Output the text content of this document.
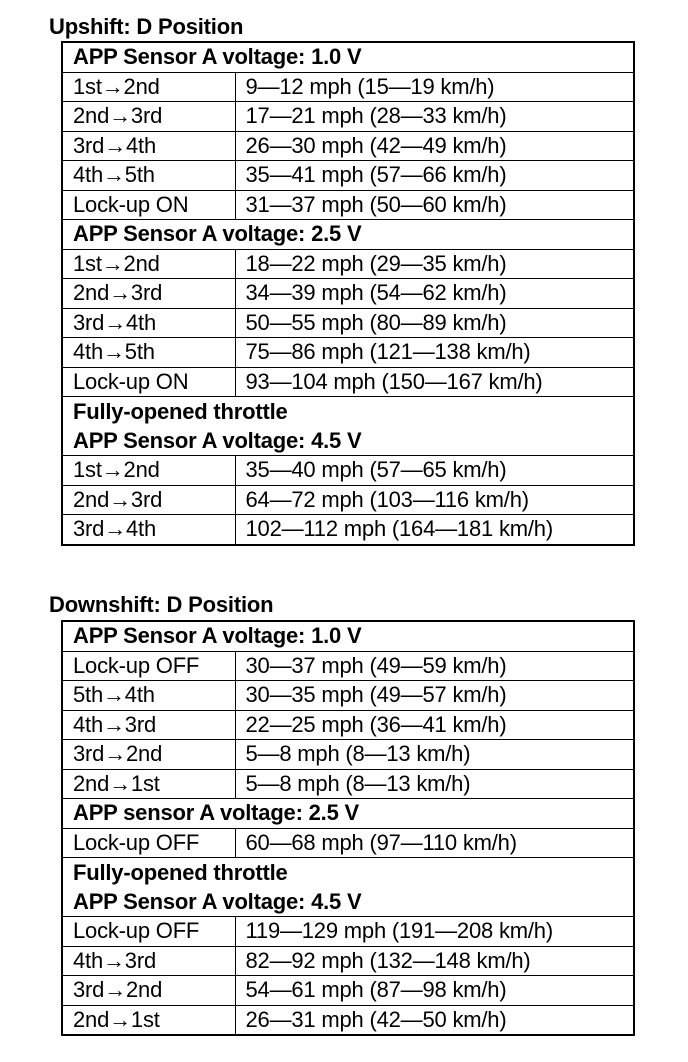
Upshift: D Position
APP Sensor A voltage: 1.0 V	

1st→2nd	9—12 mph (15—19 km/h)
2nd→3rd	17—21 mph (28—33 km/h)
3rd→4th	26—30 mph (42—49 km/h)
4th→5th	35—41 mph (57—66 km/h)
Lock-up ON	31—37 mph (50—60 km/h)

APP Sensor A voltage: 2.5 V	

1st→2nd	18—22 mph (29—35 km/h)
2nd→3rd	34—39 mph (54—62 km/h)
3rd→4th	50—55 mph (80—89 km/h)
4th→5th	75—86 mph (121—138 km/h)
Lock-up ON	93—104 mph (150—167 km/h)

Fully-opened throttle
APP Sensor A voltage: 4.5 V	

1st→2nd	35—40 mph (57—65 km/h)
2nd→3rd	64—72 mph (103—116 km/h)
3rd→4th	102—112 mph (164—181 km/h)
Downshift: D Position
APP Sensor A voltage: 1.0 V	

Lock-up OFF	30—37 mph (49—59 km/h)
5th→4th	30—35 mph (49—57 km/h)
4th→3rd	22—25 mph (36—41 km/h)
3rd→2nd	5—8 mph (8—13 km/h)
2nd→1st	5—8 mph (8—13 km/h)

APP sensor A voltage: 2.5 V	

Lock-up OFF	60—68 mph (97—110 km/h)

Fully-opened throttle
APP Sensor A voltage: 4.5 V	

Lock-up OFF	119—129 mph (191—208 km/h)
4th→3rd	82—92 mph (132—148 km/h)
3rd→2nd	54—61 mph (87—98 km/h)
2nd→1st	26—31 mph (42—50 km/h)
